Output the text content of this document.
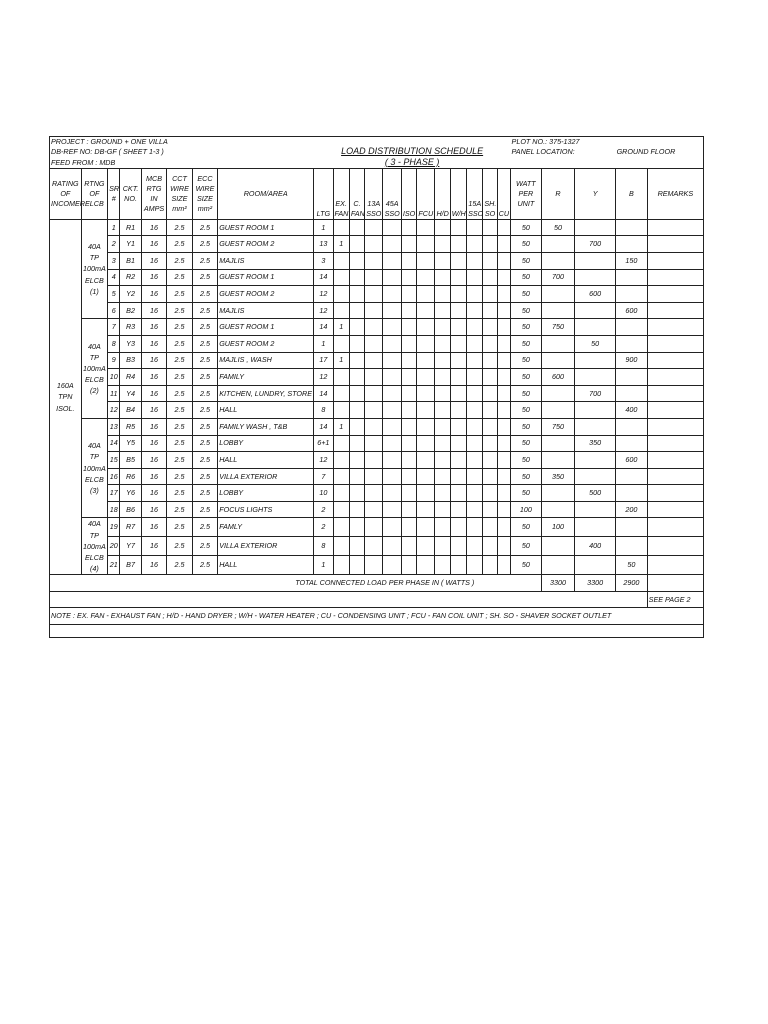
PROJECT : GROUND + ONE VILLA																				PLOT NO.: 375-1327				
DB-REF NO: DB-GF ( SHEET 1-3 )								LOAD DISTRIBUTION SCHEDULE
( 3 - PHASE )												PANEL LOCATION:			GROUND FLOOR	
FEED FROM : MDB																								
RATING OF INCOMER	RTNG OF ELCB	SR #	CKT. NO.	MCB RTG IN AMPS	CCT WIRE SIZE mm²	ECC WIRE SIZE mm²	ROOM/AREA	LTG	EX. FAN	C. FAN	13A SSO	45A SSO	ISO	FCU	H/D	W/H	15A SSO	SH. SO	CU	WATT PER UNIT	R	Y	B	REMARKS
160A TPN ISOL.	40A TP 100mA ELCB (1)	1	R1	16	2.5	2.5	GUEST ROOM 1	1												50	50			
		2	Y1	16	2.5	2.5	GUEST ROOM 2	13	1											50		700		
		3	B1	16	2.5	2.5	MAJLIS	3												50			150	
		4	R2	16	2.5	2.5	GUEST ROOM 1	14												50	700			
		5	Y2	16	2.5	2.5	GUEST ROOM 2	12												50		600		
		6	B2	16	2.5	2.5	MAJLIS	12												50			600	
	40A TP 100mA ELCB (2)	7	R3	16	2.5	2.5	GUEST ROOM 1	14	1											50	750			
		8	Y3	16	2.5	2.5	GUEST ROOM 2	1												50		50		
		9	B3	16	2.5	2.5	MAJLIS , WASH	17	1											50			900	
		10	R4	16	2.5	2.5	FAMILY	12												50	600			
		11	Y4	16	2.5	2.5	KITCHEN, LUNDRY, STORE	14												50		700		
		12	B4	16	2.5	2.5	HALL	8												50			400	
	40A TP 100mA ELCB (3)	13	R5	16	2.5	2.5	FAMILY WASH , T&B	14	1											50	750			
		14	Y5	16	2.5	2.5	LOBBY	6+1												50		350		
		15	B5	16	2.5	2.5	HALL	12												50			600	
		16	R6	16	2.5	2.5	VILLA EXTERIOR	7												50	350			
		17	Y6	16	2.5	2.5	LOBBY	10												50		500		
		18	B6	16	2.5	2.5	FOCUS LIGHTS	2												100			200	
	40A TP 100mA ELCB (4)	19	R7	16	2.5	2.5	FAMLY	2												50	100			
		20	Y7	16	2.5	2.5	VILLA EXTERIOR	8												50		400		
		21	B7	16	2.5	2.5	HALL	1												50			50	
TOTAL CONNECTED LOAD PER PHASE IN ( WATTS )																					3300	3300	2900	
																								SEE PAGE 2
NOTE : EX. FAN - EXHAUST FAN ; H/D - HAND DRYER ; W/H - WATER HEATER ; CU - CONDENSING UNIT ; FCU - FAN COIL UNIT ; SH. SO - SHAVER SOCKET OUTLET																								
